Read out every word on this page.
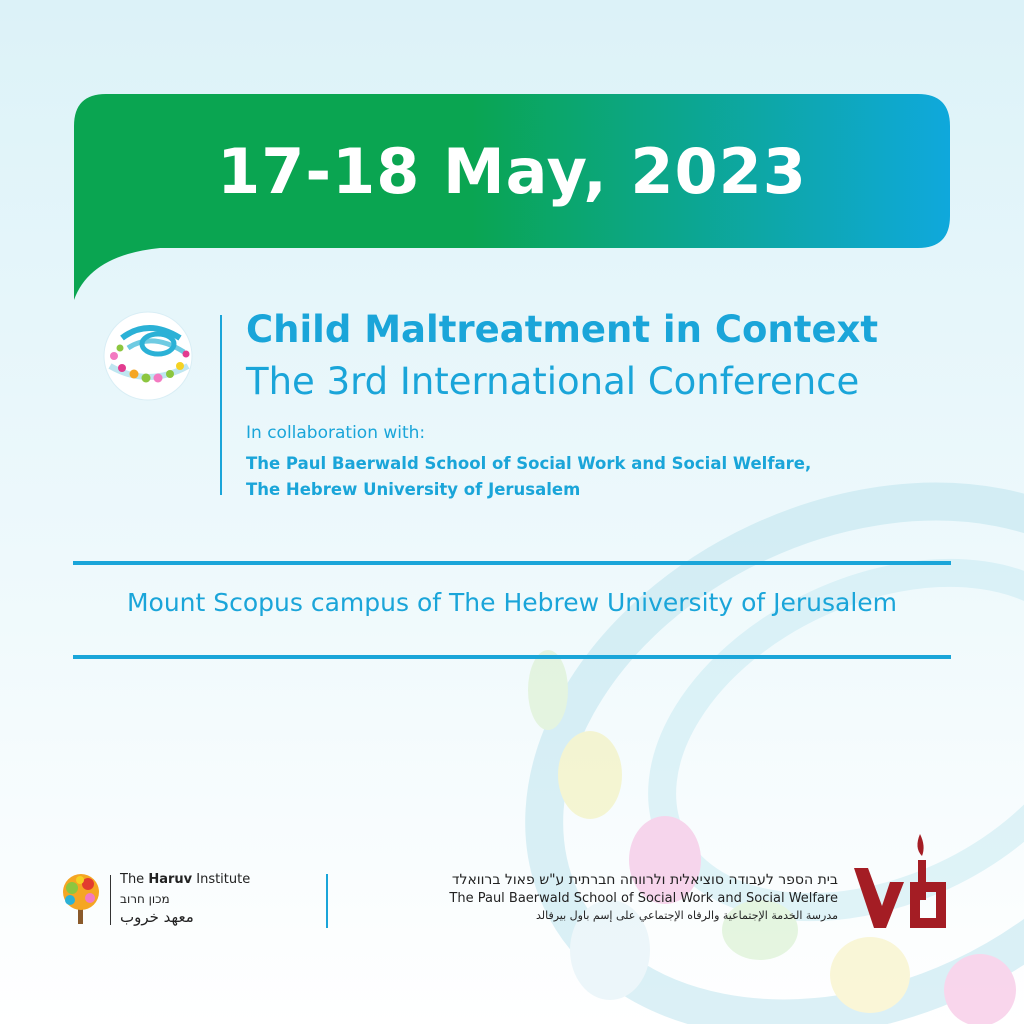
17-18 May, 2023
Child Maltreatment in Context
The 3rd International Conference
In collaboration with:
The Paul Baerwald School of Social Work and Social Welfare,
The Hebrew University of Jerusalem
Mount Scopus campus of The Hebrew University of Jerusalem
The Haruv Institute
מכון חרוב
معهد خروب
בית הספר לעבודה סוציאלית ולרווחה חברתית ע"ש פאול ברוואלד
The Paul Baerwald School of Social Work and Social Welfare
مدرسة الخدمة الإجتماعية والرفاه الإجتماعي على إسم باول بيرفالد
